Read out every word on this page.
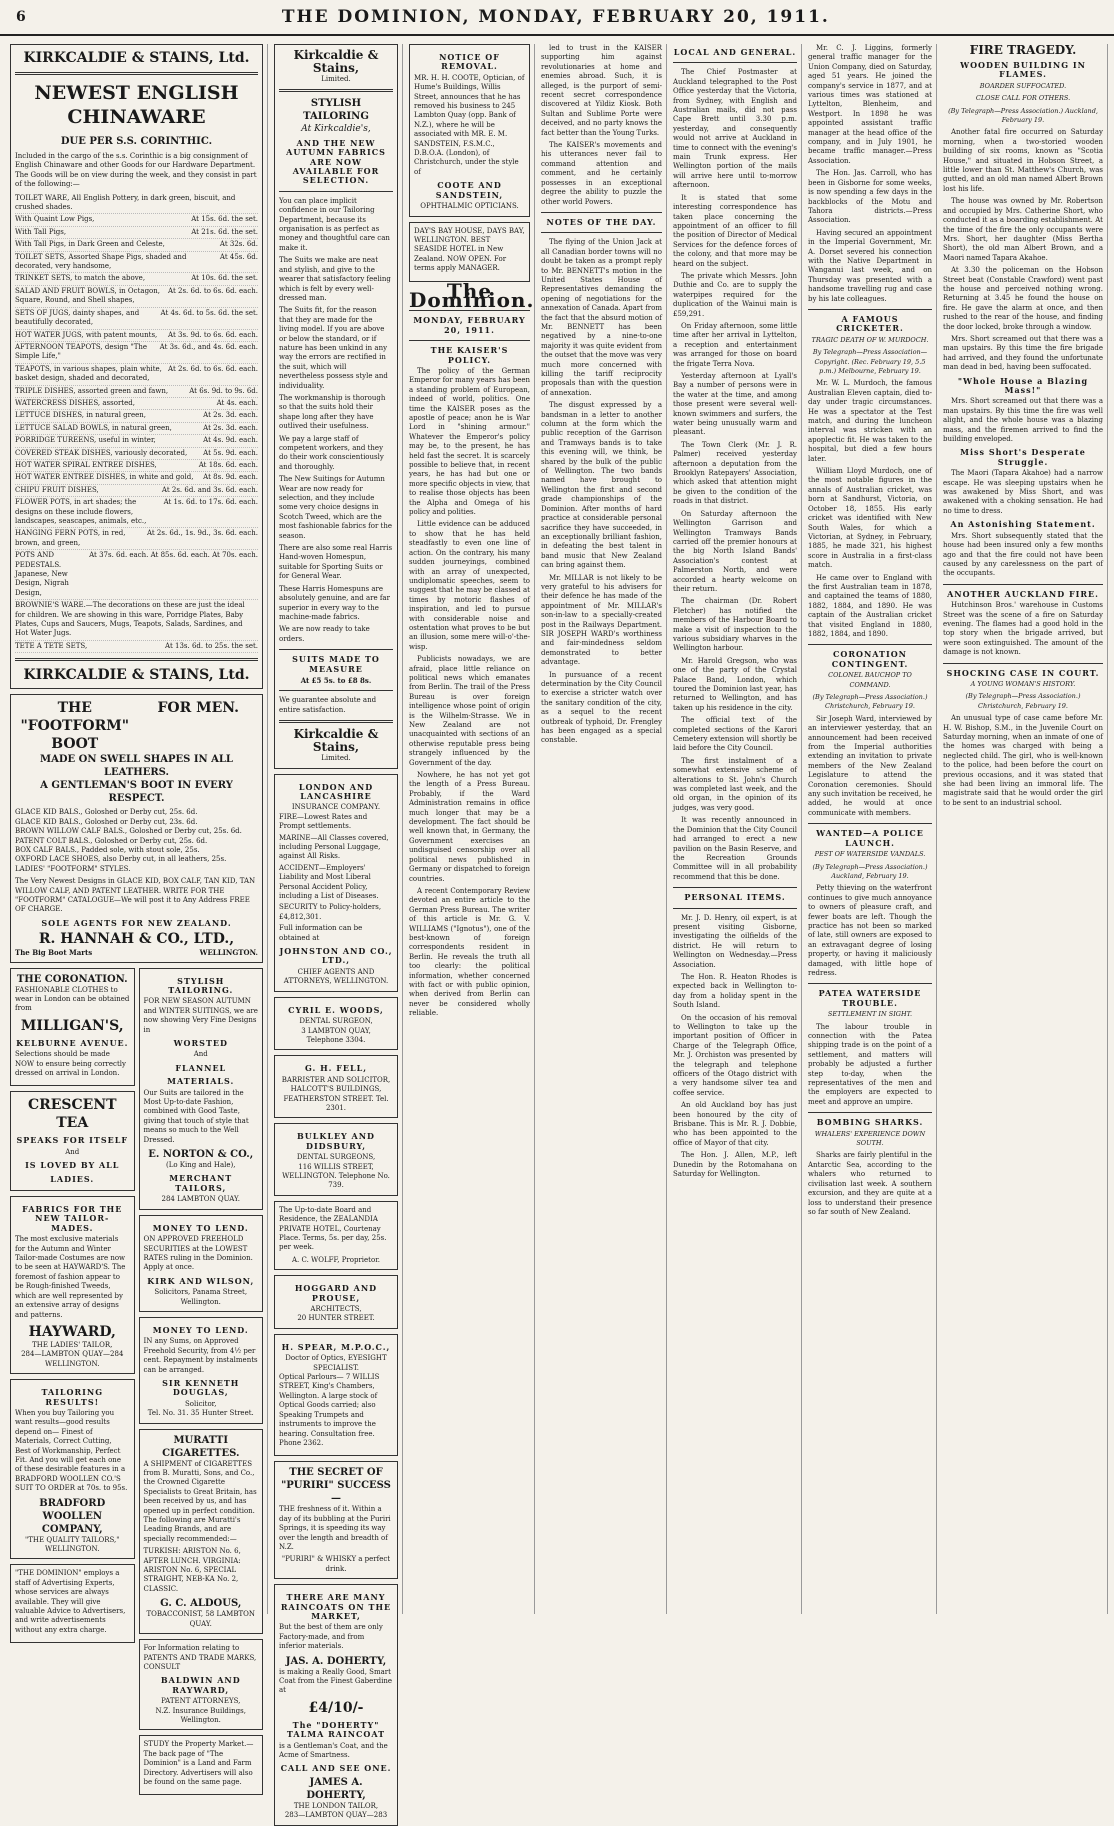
6	THE DOMINION, MONDAY, FEBRUARY 20, 1911.
KIRKCALDIE & STAINS, Ltd.
NEWEST ENGLISH CHINAWARE
DUE PER S.S. CORINTHIC.

Included in the cargo of the s.s. Corinthic is a big consignment of English Chinaware and other Goods for our Hardware Department. The Goods will be on view during the week, and they consist in part of the following:—

TOILET WARE, All English Pottery, in dark green, biscuit, and crushed shades.
With Quaint Low Pigs,	At 15s. 6d. the set.
With Tall Pigs,	At 21s. 6d. the set.
With Tall Pigs, in Dark Green and Celeste,	At 32s. 6d.
TOILET SETS, Assorted Shape Pigs, shaded and decorated, very handsome,
At 45s. 6d.
TRINKET SETS, to match the above,	At 10s. 6d. the set.
SALAD AND FRUIT BOWLS, in Octagon, Square, Round, and Shell shapes,
At 2s. 6d. to 6s. 6d. each.
SETS OF JUGS, dainty shapes, and beautifully decorated,
At 4s. 6d. to 5s. 6d. the set.
HOT WATER JUGS, with patent mounts, At 3s. 9d. to 6s. 6d. each.
AFTERNOON TEAPOTS, design "The Simple Life,"
At 3s. 6d., and 4s. 6d. each.
TEAPOTS, in various shapes, plain white, basket design, shaded and decorated,
At 2s. 6d. to 6s. 6d. each.
TRIPLE DISHES, assorted green and fawn,	At 6s. 9d. to 9s. 6d.
WATERCRESS DISHES, assorted,	At 4s. each.
LETTUCE DISHES, in natural green,	At 2s. 3d. each.
LETTUCE SALAD BOWLS, in natural green,	At 2s. 3d. each.
PORRIDGE TUREENS, useful in winter,	At 4s. 9d. each.
COVERED STEAK DISHES, variously decorated, At 5s. 9d. each.
HOT WATER SPIRAL ENTREE DISHES,	At 18s. 6d. each.
HOT WATER ENTREE DISHES, in white and gold, At 8s. 9d. each.
CHIPU FRUIT DISHES,	At 2s. 6d. and 3s. 6d. each.
FLOWER POTS, in art shades; the designs on these include flowers, landscapes, seascapes, animals, etc.,
At 1s. 6d. to 17s. 6d. each.
HANGING FERN POTS, in red, brown, and green,
At 2s. 6d., 1s. 9d., 3s. 6d. each.
POTS AND PEDESTALS. Japanese, New Design, Nigrah Design,
At 37s. 6d. each. At 85s. 6d. each. At 70s. each.
BROWNIE'S WARE.—The decorations on these are just the ideal for children. We are showing in this ware, Porridge Plates, Baby Plates, Cups and Saucers, Mugs, Teapots, Salads, Sardines, and Hot Water Jugs.
TETE A TETE SETS,	At 13s. 6d. to 25s. the set.
KIRKCALDIE & STAINS, Ltd.
THE "FOOTFORM" BOOT
FOR MEN.
MADE ON SWELL SHAPES IN ALL LEATHERS.
A GENTLEMAN'S BOOT IN EVERY RESPECT.
GLACE KID BALS., Goloshed or Derby cut, 25s. 6d.
GLACE KID BALS., Goloshed or Derby cut, 23s. 6d.
BROWN WILLOW CALF BALS., Goloshed or Derby cut, 25s. 6d.
PATENT COLT BALS., Goloshed or Derby cut, 25s. 6d.
BOX CALF BALS., Padded sole, with stout sole, 25s.
OXFORD LACE SHOES, also Derby cut, in all leathers, 25s.
LADIES' "FOOTFORM" STYLES.

The Very Newest Designs in GLACE KID, BOX CALF, TAN KID, TAN WILLOW CALF, AND PATENT LEATHER. WRITE FOR THE "FOOTFORM" CATALOGUE—We will post it to Any Address FREE OF CHARGE.

SOLE AGENTS FOR NEW ZEALAND.
R. HANNAH & CO., LTD.,
The Big Boot Marts	WELLINGTON.
THE CORONATION.

FASHIONABLE CLOTHES to wear in London can be obtained from

MILLIGAN'S,
KELBURNE AVENUE.

Selections should be made NOW to ensure being correctly dressed on arrival in London.

CRESCENT TEA
SPEAKS FOR ITSELF
And
IS LOVED BY ALL
LADIES.
FABRICS FOR THE NEW TAILOR-MADES.

The most exclusive materials for the Autumn and Winter Tailor-made Costumes are now to be seen at HAYWARD'S. The foremost of fashion appear to be Rough-finished Tweeds, which are well represented by an extensive array of designs and patterns.

HAYWARD,
THE LADIES' TAILOR,
284—LAMBTON QUAY—284
WELLINGTON.
TAILORING RESULTS!

When you buy Tailoring you want results—good results depend on— Finest of Materials, Correct Cutting, Best of Workmanship, Perfect Fit. And you will get each one of these desirable features in a BRADFORD WOOLLEN CO.'S SUIT TO ORDER at 70s. to 95s.

BRADFORD WOOLLEN COMPANY,
"THE QUALITY TAILORS,"
WELLINGTON.

"THE DOMINION" employs a staff of Advertising Experts, whose services are always available. They will give valuable Advice to Advertisers, and write advertisements without any extra charge.

STYLISH TAILORING.

FOR NEW SEASON AUTUMN and WINTER SUITINGS, we are now showing Very Fine Designs in

WORSTED
And
FLANNEL
MATERIALS.

Our Suits are tailored in the Most Up-to-date Fashion, combined with Good Taste, giving that touch of style that means so much to the Well Dressed.

E. NORTON & CO.,
(Lo King and Hale),
MERCHANT TAILORS,
284 LAMBTON QUAY.
MONEY TO LEND.

ON APPROVED FREEHOLD SECURITIES at the LOWEST RATES ruling in the Dominion. Apply at once.

KIRK AND WILSON,
Solicitors, Panama Street, Wellington.
MONEY TO LEND.

IN any Sums, on Approved Freehold Security, from 4½ per cent. Repayment by instalments can be arranged.

SIR KENNETH DOUGLAS,
Solicitor,
Tel. No. 31. 35 Hunter Street.
MURATTI CIGARETTES.

A SHIPMENT of CIGARETTES from B. Muratti, Sons, and Co., the Crowned Cigarette Specialists to Great Britain, has been received by us, and has opened up in perfect condition. The following are Muratti's Leading Brands, and are specially recommended:—

TURKISH: ARISTON No. 6, AFTER LUNCH. VIRGINIA: ARISTON No. 6, SPECIAL STRAIGHT, NEB-KA No. 2, CLASSIC.

G. C. ALDOUS,
TOBACCONIST, 58 LAMBTON QUAY.

For Information relating to PATENTS AND TRADE MARKS, CONSULT

BALDWIN AND RAYWARD,
PATENT ATTORNEYS,
N.Z. Insurance Buildings, Wellington.

STUDY the Property Market.—The back page of "The Dominion" is a Land and Farm Directory. Advertisers will also be found on the same page.

Kirkcaldie & Stains,
Limited.
STYLISH TAILORING
At Kirkcaldie's,
AND THE NEW AUTUMN FABRICS ARE NOW AVAILABLE FOR SELECTION.

You can place implicit confidence in our Tailoring Department, because its organisation is as perfect as money and thoughtful care can make it.

The Suits we make are neat and stylish, and give to the wearer that satisfactory feeling which is felt by every well-dressed man.

The Suits fit, for the reason that they are made for the living model. If you are above or below the standard, or if nature has been unkind in any way the errors are rectified in the suit, which will nevertheless possess style and individuality.

The workmanship is thorough so that the suits hold their shape long after they have outlived their usefulness.

We pay a large staff of competent workers, and they do their work conscientiously and thoroughly.

The New Suitings for Autumn Wear are now ready for selection, and they include some very choice designs in Scotch Tweed, which are the most fashionable fabrics for the season.

There are also some real Harris Hand-woven Homespun, suitable for Sporting Suits or for General Wear.

These Harris Homespuns are absolutely genuine, and are far superior in every way to the machine-made fabrics.

We are now ready to take orders.

SUITS MADE TO MEASURE
At £5 5s. to £8 8s.

We guarantee absolute and entire satisfaction.

Kirkcaldie & Stains,
Limited.
LONDON AND LANCASHIRE
INSURANCE COMPANY.
FIRE—Lowest Rates and Prompt settlements.
MARINE—All Classes covered, including Personal Luggage, against All Risks.
ACCIDENT—Employers' Liability and Most Liberal Personal Accident Policy, including a List of Diseases.
SECURITY to Policy-holders, £4,812,301.

Full information can be obtained at

JOHNSTON AND CO., LTD.,
CHIEF AGENTS AND ATTORNEYS, WELLINGTON.
CYRIL E. WOODS,
DENTAL SURGEON,
3 LAMBTON QUAY,
Telephone 3304.
G. H. FELL,
BARRISTER AND SOLICITOR, HALCOTT'S BUILDINGS, FEATHERSTON STREET. Tel. 2301.
BULKLEY AND DIDSBURY,
DENTAL SURGEONS,
116 WILLIS STREET, WELLINGTON. Telephone No. 739.

The Up-to-date Board and Residence, the ZEALANDIA PRIVATE HOTEL, Courtenay Place. Terms, 5s. per day, 25s. per week.

A. C. WOLFF, Proprietor.
HOGGARD AND PROUSE,
ARCHITECTS,
20 HUNTER STREET.
H. SPEAR, M.P.O.C.,
Doctor of Optics, EYESIGHT SPECIALIST.

Optical Parlours— 7 WILLIS STREET, King's Chambers, Wellington. A large stock of Optical Goods carried; also Speaking Trumpets and instruments to improve the hearing. Consultation free. Phone 2362.

THE SECRET OF "PURIRI" SUCCESS—

THE freshness of it. Within a day of its bubbling at the Puriri Springs, it is speeding its way over the length and breadth of N.Z.

"PURIRI" & WHISKY a perfect drink.
THERE ARE MANY RAINCOATS ON THE MARKET,

But the best of them are only Factory-made, and from inferior materials.

JAS. A. DOHERTY,

is making a Really Good, Smart Coat from the Finest Gaberdine at

£4/10/-
The "DOHERTY" TALMA RAINCOAT

is a Gentleman's Coat, and the Acme of Smartness.

CALL AND SEE ONE.
JAMES A. DOHERTY,
THE LONDON TAILOR,
283—LAMBTON QUAY—283
NOTICE OF REMOVAL.

MR. H. H. COOTE, Optician, of Hume's Buildings, Willis Street, announces that he has removed his business to 245 Lambton Quay (opp. Bank of N.Z.), where he will be associated with MR. E. M. SANDSTEIN, F.S.M.C., D.B.O.A. (London), of Christchurch, under the style of

COOTE AND SANDSTEIN,
OPHTHALMIC OPTICIANS.

DAY'S BAY HOUSE, DAYS BAY, WELLINGTON. BEST SEASIDE HOTEL in New Zealand. NOW OPEN. For terms apply MANAGER.

The Dominion.
MONDAY, FEBRUARY 20, 1911.
THE KAISER'S POLICY.

The policy of the German Emperor for many years has been a standing problem of European, indeed of world, politics. One time the KAISER poses as the apostle of peace; anon he is War Lord in "shining armour." Whatever the Emperor's policy may be, to the present, he has held fast the secret. It is scarcely possible to believe that, in recent years, he has had but one or more specific objects in view, that to realise those objects has been the Alpha and Omega of his policy and polities.

Little evidence can be adduced to show that he has held steadfastly to even one line of action. On the contrary, his many sudden journeyings, combined with an array of unexpected, undiplomatic speeches, seem to suggest that he may be classed at times by motoric flashes of inspiration, and led to pursue with considerable noise and ostentation what proves to be but an illusion, some mere will-o'-the-wisp.

Publicists nowadays, we are afraid, place little reliance on political news which emanates from Berlin. The trail of the Press Bureau is over foreign intelligence whose point of origin is the Wilhelm-Strasse. We in New Zealand are not unacquainted with sections of an otherwise reputable press being strangely influenced by the Government of the day.

Nowhere, he has not yet got the length of a Press Bureau. Probably, if the Ward Administration remains in office much longer that may be a development. The fact should be well known that, in Germany, the Government exercises an undisguised censorship over all political news published in Germany or dispatched to foreign countries.

A recent Contemporary Review devoted an entire article to the German Press Bureau. The writer of this article is Mr. G. V. WILLIAMS ("Ignotus"), one of the best-known of foreign correspondents resident in Berlin. He reveals the truth all too clearly: the political information, whether concerned with fact or with public opinion, when derived from Berlin can never be considered wholly reliable.

led to trust in the KAISER supporting him against revolutionaries at home and enemies abroad. Such, it is alleged, is the purport of semi-recent secret correspondence discovered at Yildiz Kiosk. Both Sultan and Sublime Porte were deceived, and no party knows the fact better than the Young Turks.

The KAISER's movements and his utterances never fail to command attention and comment, and he certainly possesses in an exceptional degree the ability to puzzle the other world Powers.

NOTES OF THE DAY.

The flying of the Union Jack at all Canadian border towns will no doubt be taken as a prompt reply to Mr. BENNETT's motion in the United States House of Representatives demanding the opening of negotiations for the annexation of Canada. Apart from the fact that the absurd motion of Mr. BENNETT has been negatived by a nine-to-one majority it was quite evident from the outset that the move was very much more concerned with killing the tariff reciprocity proposals than with the question of annexation.

The disgust expressed by a bandsman in a letter to another column at the form which the public reception of the Garrison and Tramways bands is to take this evening will, we think, be shared by the bulk of the public of Wellington. The two bands named have brought to Wellington the first and second grade championships of the Dominion. After months of hard practice at considerable personal sacrifice they have succeeded, in an exceptionally brilliant fashion, in defeating the best talent in band music that New Zealand can bring against them.

Mr. MILLAR is not likely to be very grateful to his advisers for their defence he has made of the appointment of Mr. MILLAR's son-in-law to a specially-created post in the Railways Department. SIR JOSEPH WARD's worthiness and fair-mindedness seldom demonstrated to better advantage.

In pursuance of a recent determination by the City Council to exercise a stricter watch over the sanitary condition of the city, as a sequel to the recent outbreak of typhoid, Dr. Frengley has been engaged as a special constable.

LOCAL AND GENERAL.

The Chief Postmaster at Auckland telegraphed to the Post Office yesterday that the Victoria, from Sydney, with English and Australian mails, did not pass Cape Brett until 3.30 p.m. yesterday, and consequently would not arrive at Auckland in time to connect with the evening's main Trunk express. Her Wellington portion of the mails will arrive here until to-morrow afternoon.

It is stated that some interesting correspondence has taken place concerning the appointment of an officer to fill the position of Director of Medical Services for the defence forces of the colony, and that more may be heard on the subject.

The private which Messrs. John Duthie and Co. are to supply the waterpipes required for the duplication of the Wainui main is £59,291.

On Friday afternoon, some little time after her arrival in Lyttelton, a reception and entertainment was arranged for those on board the frigate Terra Nova.

Yesterday afternoon at Lyall's Bay a number of persons were in the water at the time, and among those present were several well-known swimmers and surfers, the water being unusually warm and pleasant.

The Town Clerk (Mr. J. R. Palmer) received yesterday afternoon a deputation from the Brooklyn Ratepayers' Association, which asked that attention might be given to the condition of the roads in that district.

On Saturday afternoon the Wellington Garrison and Wellington Tramways Bands carried off the premier honours at the big North Island Bands' Association's contest at Palmerston North, and were accorded a hearty welcome on their return.

The chairman (Dr. Robert Fletcher) has notified the members of the Harbour Board to make a visit of inspection to the various subsidiary wharves in the Wellington harbour.

Mr. Harold Gregson, who was one of the party of the Crystal Palace Band, London, which toured the Dominion last year, has returned to Wellington, and has taken up his residence in the city.

The official text of the completed sections of the Karori Cemetery extension will shortly be laid before the City Council.

The first instalment of a somewhat extensive scheme of alterations to St. John's Church was completed last week, and the old organ, in the opinion of its judges, was very good.

It was recently announced in the Dominion that the City Council had arranged to erect a new pavilion on the Basin Reserve, and the Recreation Grounds Committee will in all probability recommend that this be done.

PERSONAL ITEMS.

Mr. J. D. Henry, oil expert, is at present visiting Gisborne, investigating the oilfields of the district. He will return to Wellington on Wednesday.—Press Association.

The Hon. R. Heaton Rhodes is expected back in Wellington to-day from a holiday spent in the South Island.

On the occasion of his removal to Wellington to take up the important position of Officer in Charge of the Telegraph Office, Mr. J. Orchiston was presented by the telegraph and telephone officers of the Otago district with a very handsome silver tea and coffee service.

An old Auckland boy has just been honoured by the city of Brisbane. This is Mr. R. J. Dobbie, who has been appointed to the office of Mayor of that city.

The Hon. J. Allen, M.P., left Dunedin by the Rotomahana on Saturday for Wellington.

Mr. C. J. Liggins, formerly general traffic manager for the Union Company, died on Saturday, aged 51 years. He joined the company's service in 1877, and at various times was stationed at Lyttelton, Blenheim, and Westport. In 1898 he was appointed assistant traffic manager at the head office of the company, and in July 1901, he became traffic manager.—Press Association.

The Hon. Jas. Carroll, who has been in Gisborne for some weeks, is now spending a few days in the backblocks of the Motu and Tahora districts.—Press Association.

Having secured an appointment in the Imperial Government, Mr. A. Dorset severed his connection with the Native Department in Wanganui last week, and on Thursday was presented with a handsome travelling rug and case by his late colleagues.

A FAMOUS CRICKETER.
TRAGIC DEATH OF W. MURDOCH.
By Telegraph—Press Association—Copyright. (Rec. February 19, 5.5 p.m.) Melbourne, February 19.

Mr. W. L. Murdoch, the famous Australian Eleven captain, died to-day under tragic circumstances. He was a spectator at the Test match, and during the luncheon interval was stricken with an apoplectic fit. He was taken to the hospital, but died a few hours later.

William Lloyd Murdoch, one of the most notable figures in the annals of Australian cricket, was born at Sandhurst, Victoria, on October 18, 1855. His early cricket was identified with New South Wales, for which a Victorian, at Sydney, in February, 1885, he made 321, his highest score in Australia in a first-class match.

He came over to England with the first Australian team in 1878, and captained the teams of 1880, 1882, 1884, and 1890. He was captain of the Australian cricket that visited England in 1880, 1882, 1884, and 1890.

CORONATION CONTINGENT.
COLONEL BAUCHOP TO COMMAND.
(By Telegraph—Press Association.) Christchurch, February 19.

Sir Joseph Ward, interviewed by an interviewer yesterday, that an announcement had been received from the Imperial authorities extending an invitation to private members of the New Zealand Legislature to attend the Coronation ceremonies. Should any such invitation be received, he added, he would at once communicate with members.

WANTED—A POLICE LAUNCH.
PEST OF WATERSIDE VANDALS.
(By Telegraph—Press Association.) Auckland, February 19.

Petty thieving on the waterfront continues to give much annoyance to owners of pleasure craft, and fewer boats are left. Though the practice has not been so marked of late, still owners are exposed to an extravagant degree of losing property, or having it maliciously damaged, with little hope of redress.

PATEA WATERSIDE TROUBLE.
SETTLEMENT IN SIGHT.

The labour trouble in connection with the Patea shipping trade is on the point of a settlement, and matters will probably be adjusted a further step to-day, when the representatives of the men and the employers are expected to meet and approve an umpire.

BOMBING SHARKS.
WHALERS' EXPERIENCE DOWN SOUTH.

Sharks are fairly plentiful in the Antarctic Sea, according to the whalers who returned to civilisation last week. A southern excursion, and they are quite at a loss to understand their presence so far south of New Zealand.

FIRE TRAGEDY.
WOODEN BUILDING IN FLAMES.
BOARDER SUFFOCATED.
CLOSE CALL FOR OTHERS.
(By Telegraph—Press Association.) Auckland, February 19.

Another fatal fire occurred on Saturday morning, when a two-storied wooden building of six rooms, known as "Scotia House," and situated in Hobson Street, a little lower than St. Matthew's Church, was gutted, and an old man named Albert Brown lost his life.

The house was owned by Mr. Robertson and occupied by Mrs. Catherine Short, who conducted it as a boarding establishment. At the time of the fire the only occupants were Mrs. Short, her daughter (Miss Bertha Short), the old man Albert Brown, and a Maori named Tapara Akahoe.

At 3.30 the policeman on the Hobson Street beat (Constable Crawford) went past the house and perceived nothing wrong. Returning at 3.45 he found the house on fire. He gave the alarm at once, and then rushed to the rear of the house, and finding the door locked, broke through a window.

Mrs. Short screamed out that there was a man upstairs. By this time the fire brigade had arrived, and they found the unfortunate man dead in bed, having been suffocated.

"Whole House a Blazing Mass!"

Mrs. Short screamed out that there was a man upstairs. By this time the fire was well alight, and the whole house was a blazing mass, and the firemen arrived to find the building enveloped.

Miss Short's Desperate Struggle.

The Maori (Tapara Akahoe) had a narrow escape. He was sleeping upstairs when he was awakened by Miss Short, and was awakened with a choking sensation. He had no time to dress.

An Astonishing Statement.

Mrs. Short subsequently stated that the house had been insured only a few months ago and that the fire could not have been caused by any carelessness on the part of the occupants.

ANOTHER AUCKLAND FIRE.

Hutchinson Bros.' warehouse in Customs Street was the scene of a fire on Saturday evening. The flames had a good hold in the top story when the brigade arrived, but were soon extinguished. The amount of the damage is not known.

SHOCKING CASE IN COURT.
A YOUNG WOMAN'S HISTORY.
(By Telegraph—Press Association.) Christchurch, February 19.

An unusual type of case came before Mr. H. W. Bishop, S.M., in the Juvenile Court on Saturday morning, when an inmate of one of the homes was charged with being a neglected child. The girl, who is well-known to the police, had been before the court on previous occasions, and it was stated that she had been living an immoral life. The magistrate said that he would order the girl to be sent to an industrial school.
